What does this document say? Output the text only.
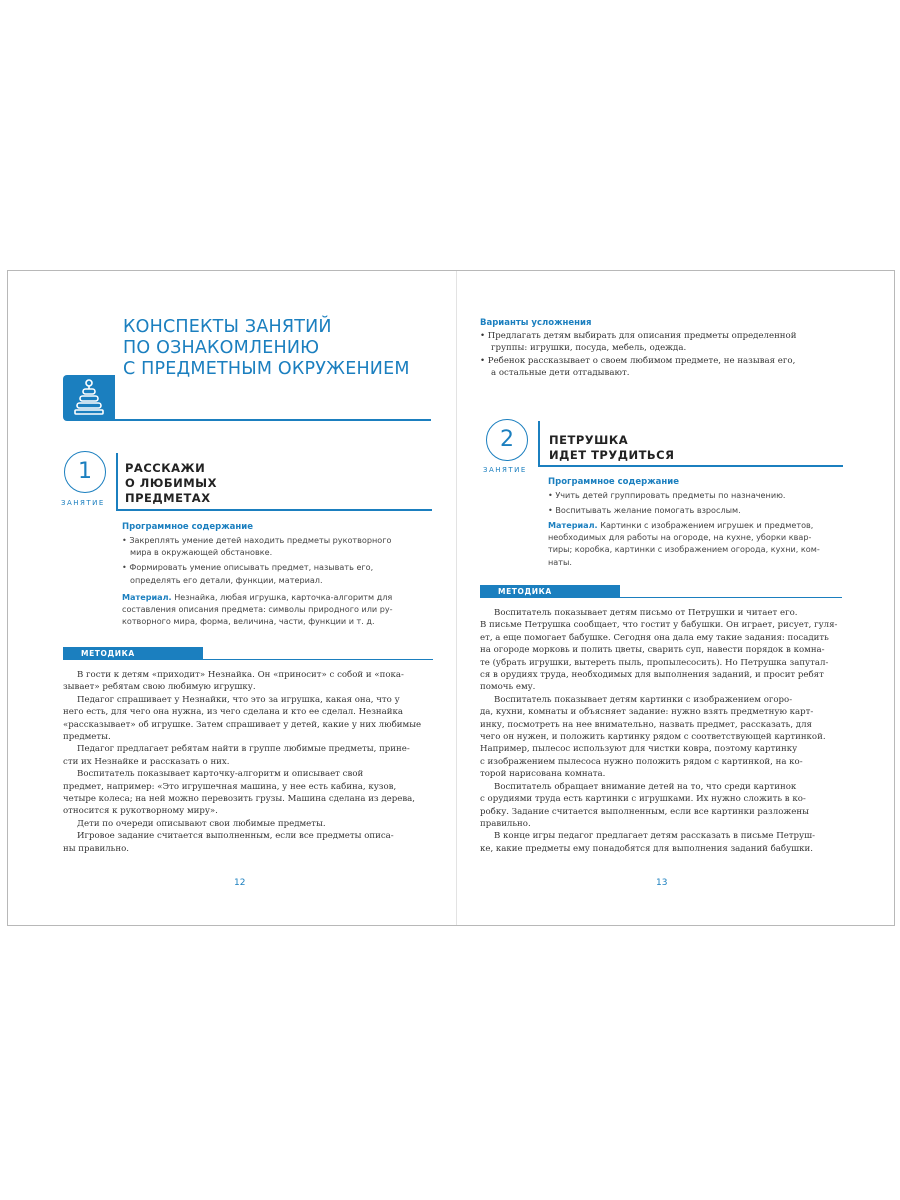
КОНСПЕКТЫ ЗАНЯТИЙ
ПО ОЗНАКОМЛЕНИЮ
С ПРЕДМЕТНЫМ ОКРУЖЕНИЕМ
1
ЗАНЯТИЕ
РАССКАЖИ
О ЛЮБИМЫХ
ПРЕДМЕТАХ
Программное содержание
• Закреплять умение детей находить предметы рукотворного
мира в окружающей обстановке.
• Формировать умение описывать предмет, называть его,
определять его детали, функции, материал.
Материал. Незнайка, любая игрушка, карточка-алгоритм для
составления описания предмета: символы природного или ру-
котворного мира, форма, величина, части, функции и т. д.
МЕТОДИКА ПРОВЕДЕНИЯ
В гости к детям «приходит» Незнайка. Он «приносит» с собой и «пока-
зывает» ребятам свою любимую игрушку.
Педагог спрашивает у Незнайки, что это за игрушка, какая она, что у
него есть, для чего она нужна, из чего сделана и кто ее сделал. Незнайка
«рассказывает» об игрушке. Затем спрашивает у детей, какие у них любимые
предметы.
Педагог предлагает ребятам найти в группе любимые предметы, прине-
сти их Незнайке и рассказать о них.
Воспитатель показывает карточку-алгоритм и описывает свой
предмет, например: «Это игрушечная машина, у нее есть кабина, кузов,
четыре колеса; на ней можно перевозить грузы. Машина сделана из дерева,
относится к рукотворному миру».
Дети по очереди описывают свои любимые предметы.
Игровое задание считается выполненным, если все предметы описа-
ны правильно.
12
Варианты усложнения
• Предлагать детям выбирать для описания предметы определенной
группы: игрушки, посуда, мебель, одежда.
• Ребенок рассказывает о своем любимом предмете, не называя его,
а остальные дети отгадывают.
2
ЗАНЯТИЕ
ПЕТРУШКА
ИДЕТ ТРУДИТЬСЯ
Программное содержание
• Учить детей группировать предметы по назначению.
• Воспитывать желание помогать взрослым.
Материал. Картинки с изображением игрушек и предметов,
необходимых для работы на огороде, на кухне, уборки квар-
тиры; коробка, картинки с изображением огорода, кухни, ком-
наты.
МЕТОДИКА ПРОВЕДЕНИЯ
Воспитатель показывает детям письмо от Петрушки и читает его.
В письме Петрушка сообщает, что гостит у бабушки. Он играет, рисует, гуля-
ет, а еще помогает бабушке. Сегодня она дала ему такие задания: посадить
на огороде морковь и полить цветы, сварить суп, навести порядок в комна-
те (убрать игрушки, вытереть пыль, пропылесосить). Но Петрушка запутал-
ся в орудиях труда, необходимых для выполнения заданий, и просит ребят
помочь ему.
Воспитатель показывает детям картинки с изображением огоро-
да, кухни, комнаты и объясняет задание: нужно взять предметную карт-
инку, посмотреть на нее внимательно, назвать предмет, рассказать, для
чего он нужен, и положить картинку рядом с соответствующей картинкой.
Например, пылесос используют для чистки ковра, поэтому картинку
с изображением пылесоса нужно положить рядом с картинкой, на ко-
торой нарисована комната.
Воспитатель обращает внимание детей на то, что среди картинок
с орудиями труда есть картинки с игрушками. Их нужно сложить в ко-
робку. Задание считается выполненным, если все картинки разложены
правильно.
В конце игры педагог предлагает детям рассказать в письме Петруш-
ке, какие предметы ему понадобятся для выполнения заданий бабушки.
13
